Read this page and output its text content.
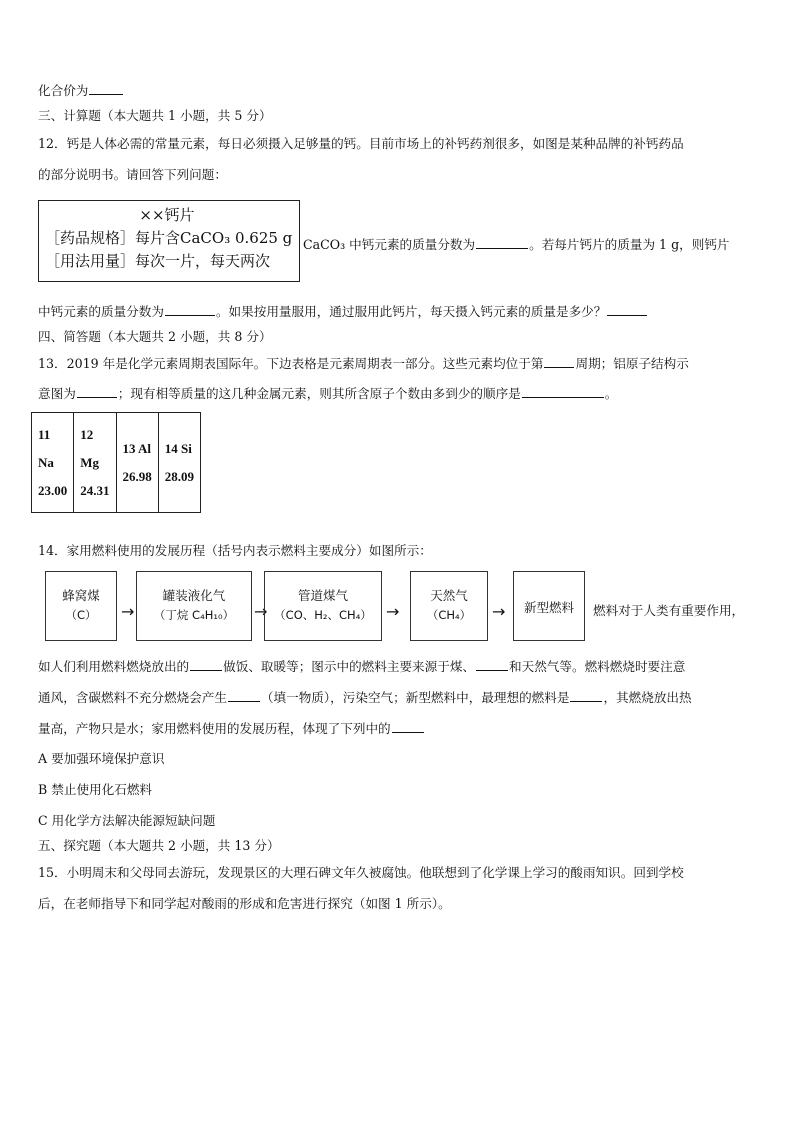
化合价为
三、计算题（本大题共 1 小题，共 5 分）
12．钙是人体必需的常量元素，每日必须摄入足够量的钙。目前市场上的补钙药剂很多，如图是某种品牌的补钙药品
的部分说明书。请回答下列问题：
××钙片
［药品规格］每片含CaCO₃ 0.625 g
［用法用量］每次一片，每天两次
CaCO₃ 中钙元素的质量分数为	。若每片钙片的质量为 1 g，则钙片
中钙元素的质量分数为	。如果按用量服用，通过服用此钙片，每天摄入钙元素的质量是多少？
四、简答题（本大题共 2 小题，共 8 分）
13．2019 年是化学元素周期表国际年。下边表格是元素周期表一部分。这些元素均位于第	周期；铝原子结构示
意图为	；现有相等质量的这几种金属元素，则其所含原子个数由多到少的顺序是	。
11
Na
23.00

12
Mg
24.31

13 Al
26.98

14 Si
28.09
14．家用燃料使用的发展历程（括号内表示燃料主要成分）如图所示：
蜂窝煤
（C）	→
罐装液化气
（丁烷 C₄H₁₀）	→
管道煤气
（CO、H₂、CH₄） →
天然气
（CH₄）	→	新型燃料	燃料对于人类有重要作用，
如人们利用燃料燃烧放出的	做饭、取暖等；图示中的燃料主要来源于煤、	和天然气等。燃料燃烧时要注意
通风，含碳燃料不充分燃烧会产生	（填一物质），污染空气；新型燃料中，最理想的燃料是	，其燃烧放出热
量高，产物只是水；家用燃料使用的发展历程，体现了下列中的
A 要加强环境保护意识
B 禁止使用化石燃料
C 用化学方法解决能源短缺问题
五、探究题（本大题共 2 小题，共 13 分）
15．小明周末和父母同去游玩，发现景区的大理石碑文年久被腐蚀。他联想到了化学课上学习的酸雨知识。回到学校
后，在老师指导下和同学起对酸雨的形成和危害进行探究（如图 1 所示）。
